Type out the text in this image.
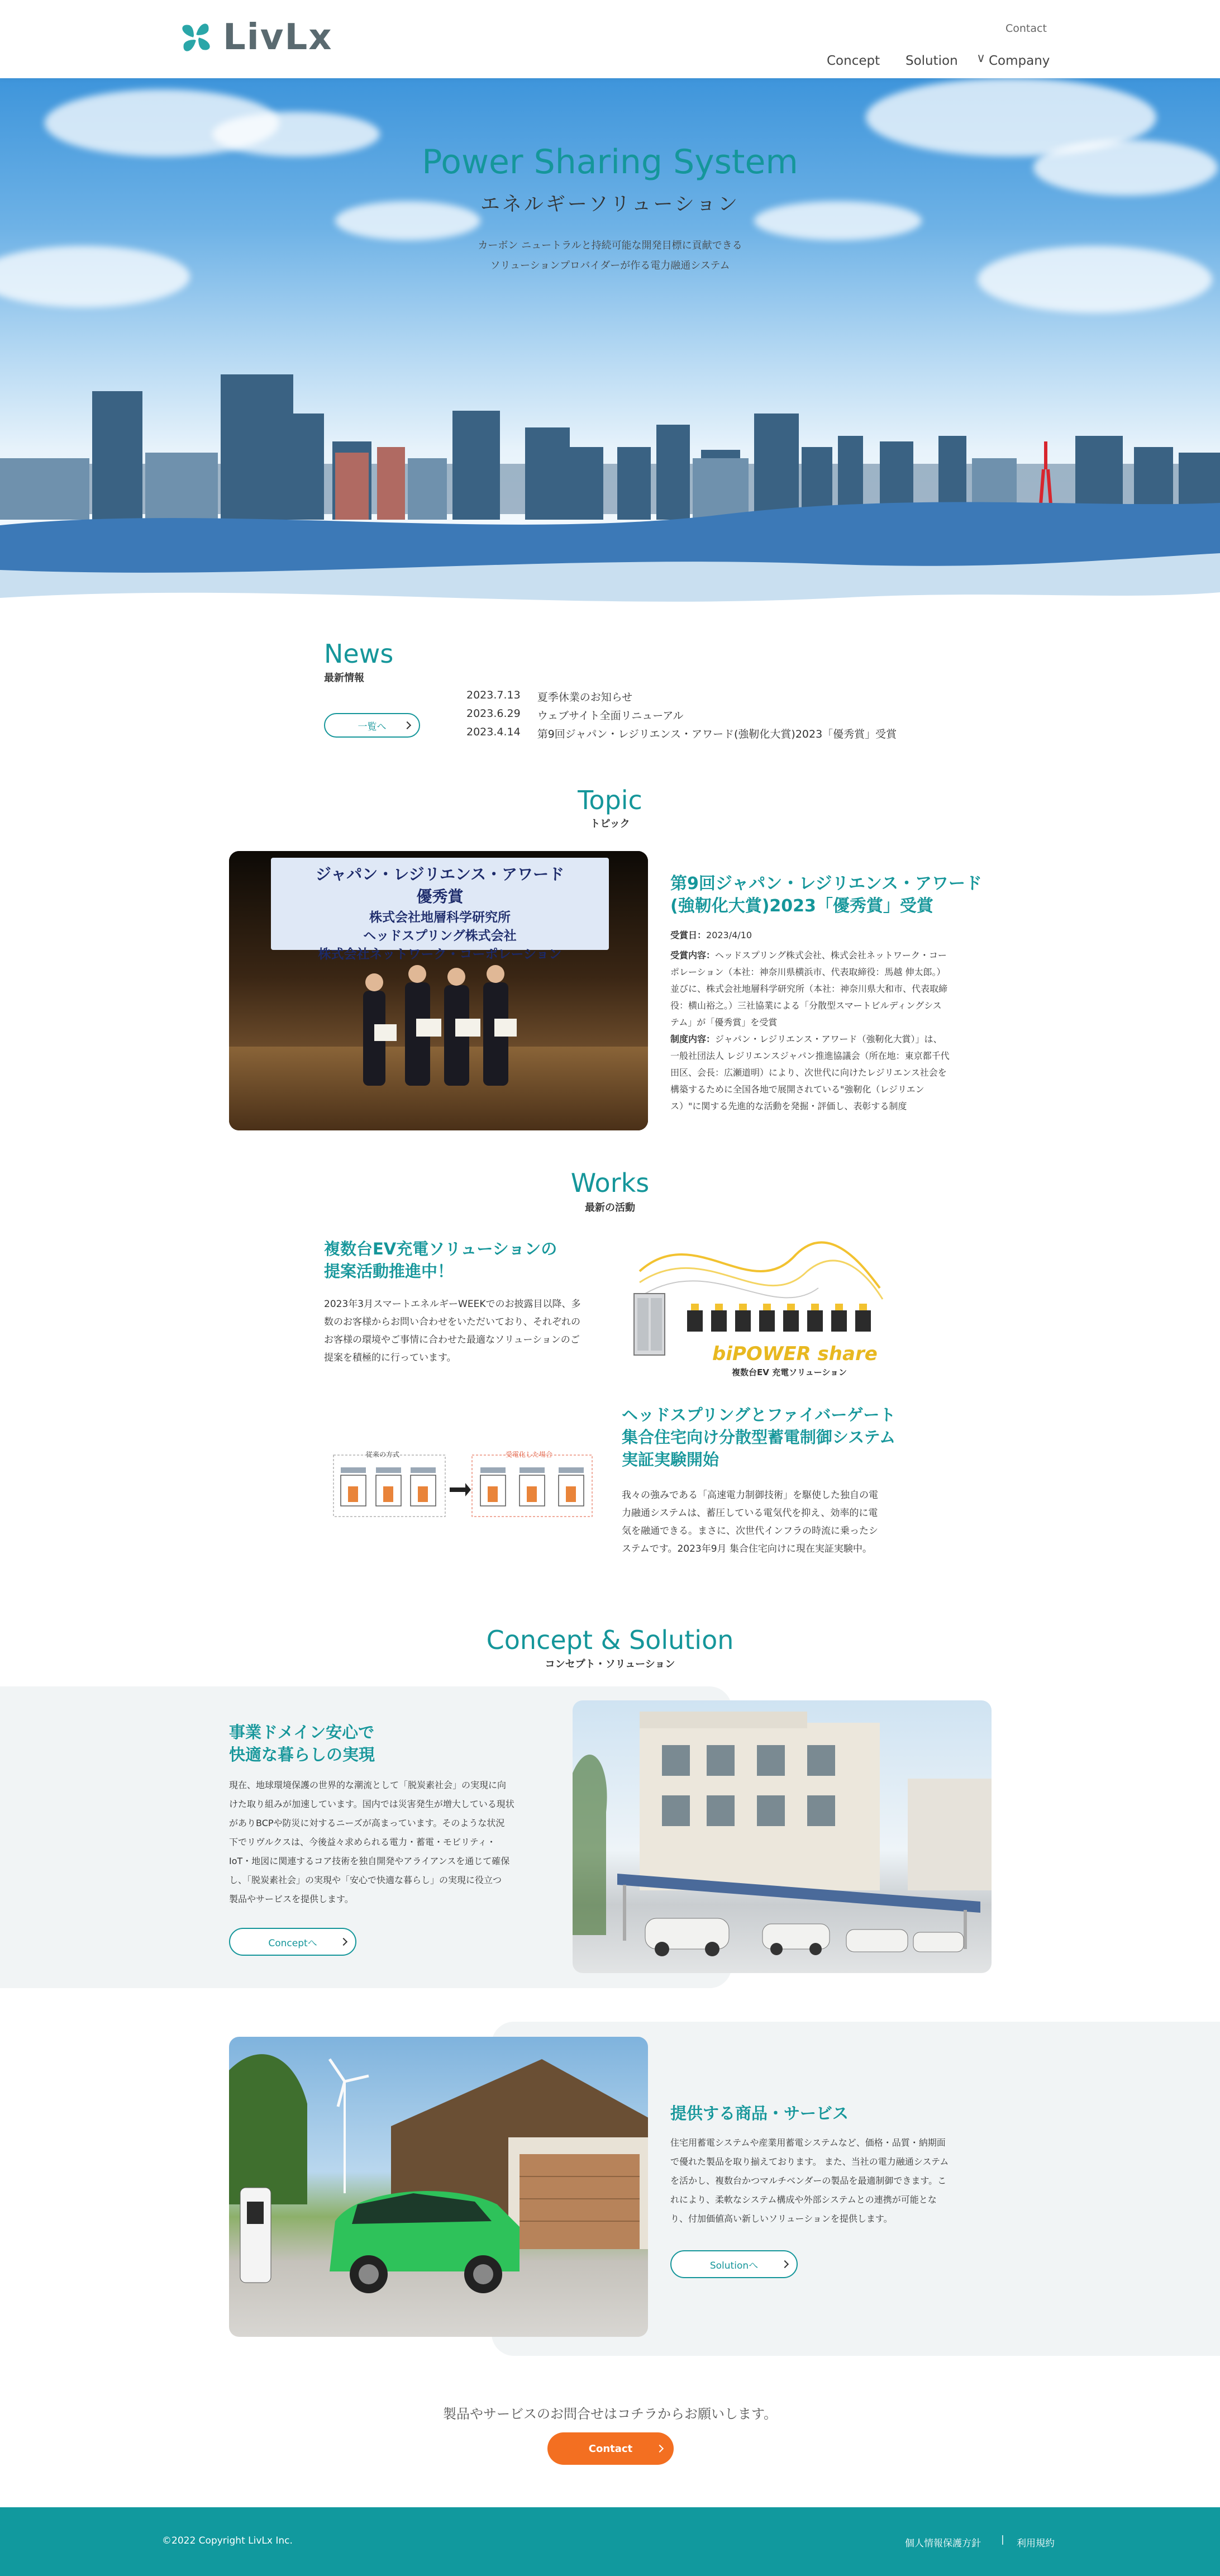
LivLx	Contact
Concept Solution ∨ Company
Power Sharing System
エネルギーソリューション
カーボン ニュートラルと持続可能な開発目標に貢献できる
ソリューションプロバイダーが作る電力融通システム
News
最新情報
2023.7.13 夏季休業のお知らせ
2023.6.29 ウェブサイト全面リニューアル
2023.4.14 第9回ジャパン・レジリエンス・アワード(強靭化大賞)2023「優秀賞」受賞
一覧へ
Topic
トピック
ジャパン・レジリエンス・アワード
優秀賞
株式会社地層科学研究所
ヘッドスプリング株式会社
株式会社ネットワーク・コーポレーション
第9回ジャパン・レジリエンス・アワード
(強靭化大賞)2023「優秀賞」受賞
受賞日：2023/4/10
受賞内容：ヘッドスプリング株式会社、株式会社ネットワーク・コー
ポレーション（本社：神奈川県横浜市、代表取締役：馬越 伸太郎。）
並びに、株式会社地層科学研究所（本社：神奈川県大和市、代表取締
役：横山裕之。）三社協業による「分散型スマートビルディングシス
テム」が「優秀賞」を受賞
制度内容：ジャパン・レジリエンス・アワード（強靭化大賞）」は、
一般社団法人 レジリエンスジャパン推進協議会（所在地：東京都千代
田区、会長：広瀬道明）により、次世代に向けたレジリエンス社会を
構築するために全国各地で展開されている"強靭化（レジリエン
ス）"に関する先進的な活動を発掘・評価し、表彰する制度
Works
最新の活動
複数台EV充電ソリューションの
提案活動推進中！
2023年3月スマートエネルギーWEEKでのお披露目以降、多
数のお客様からお問い合わせをいただいており、それぞれの
お客様の環境やご事情に合わせた最適なソリューションのご
提案を積極的に行っています。	biPOWER share
複数台EV 充電ソリューション
ヘッドスプリングとファイバーゲート
集合住宅向け分散型蓄電制御システム
実証実験開始
我々の強みである「高速電力制御技術」を駆使した独自の電
力融通システムは、蓄圧している電気代を抑え、効率的に電
気を融通できる。まさに、次世代インフラの時流に乗ったシ
ステムです。2023年9月 集合住宅向けに現在実証実験中。
従来の方式	受電化した場合
Concept & Solution
コンセプト・ソリューション
事業ドメイン安心で
快適な暮らしの実現
現在、地球環境保護の世界的な潮流として「脱炭素社会」の実現に向
けた取り組みが加速しています。国内では災害発生が増大している現状
がありBCPや防災に対するニーズが高まっています。そのような状況
下でリヴルクスは、今後益々求められる電力・蓄電・モビリティ・
IoT・地図に関連するコア技術を独自開発やアライアンスを通じて確保
し、「脱炭素社会」の実現や「安心で快適な暮らし」の実現に役立つ
製品やサービスを提供します。
Conceptへ
提供する商品・サービス
住宅用蓄電システムや産業用蓄電システムなど、価格・品質・納期面
で優れた製品を取り揃えております。 また、当社の電力融通システム
を活かし、複数台かつマルチベンダーの製品を最適制御できます。こ
れにより、柔軟なシステム構成や外部システムとの連携が可能とな
り、付加価値高い新しいソリューションを提供します。
Solutionへ
製品やサービスのお問合せはコチラからお願いします。
Contact
©2022 Copyright LivLx Inc.	個人情報保護方針 | 利用規約
